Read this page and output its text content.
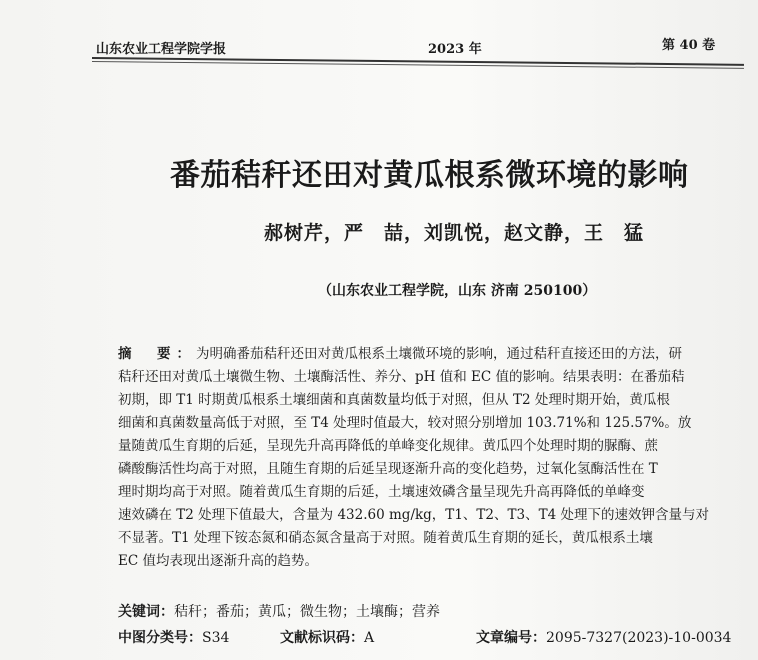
山东农业工程学院学报	2023 年	第 40 卷
番茄秸秆还田对黄瓜根系微环境的影响
郝树芹，严　喆，刘凯悦，赵文静，王　猛
（山东农业工程学院，山东 济南 250100）
摘　要：为明确番茄秸秆还田对黄瓜根系土壤微环境的影响，通过秸秆直接还田的方法，研
秸秆还田对黄瓜土壤微生物、土壤酶活性、养分、pH 值和 EC 值的影响。结果表明：在番茄秸
初期，即 T1 时期黄瓜根系土壤细菌和真菌数量均低于对照，但从 T2 处理时期开始，黄瓜根
细菌和真菌数量高低于对照，至 T4 处理时值最大，较对照分别增加 103.71%和 125.57%。放
量随黄瓜生育期的后延，呈现先升高再降低的单峰变化规律。黄瓜四个处理时期的脲酶、蔗
磷酸酶活性均高于对照，且随生育期的后延呈现逐渐升高的变化趋势，过氧化氢酶活性在 T
理时期均高于对照。随着黄瓜生育期的后延，土壤速效磷含量呈现先升高再降低的单峰变
速效磷在 T2 处理下值最大，含量为 432.60 mg/kg，T1、T2、T3、T4 处理下的速效钾含量与对
不显著。T1 处理下铵态氮和硝态氮含量高于对照。随着黄瓜生育期的延长，黄瓜根系土壤
EC 值均表现出逐渐升高的趋势。
关键词：秸秆；番茄；黄瓜；微生物；土壤酶；营养
中图分类号：S34	文献标识码：A	文章编号：2095-7327(2023)-10-0034
